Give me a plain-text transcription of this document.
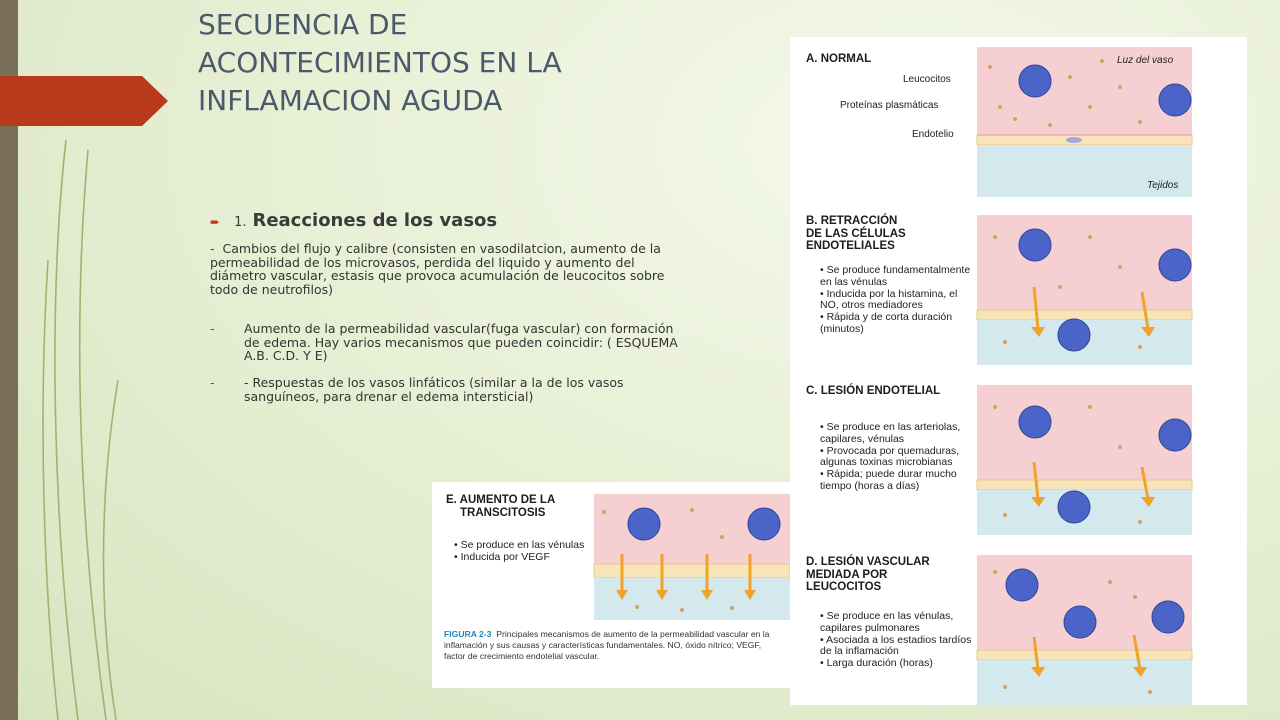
SECUENCIA DE ACONTECIMIENTOS EN LA INFLAMACION AGUDA
➨ 1. Reacciones de los vasos
- Cambios del flujo y calibre (consisten en vasodilatcion, aumento de la permeabilidad de los microvasos, perdida del liquido y aumento del diámetro vascular, estasis que provoca acumulación de leucocitos sobre todo de neutrofilos)
-	Aumento de la permeabilidad vascular(fuga vascular) con formación de edema. Hay varios mecanismos que pueden coincidir: ( ESQUEMA A.B. C.D. Y E)
-	- Respuestas de los vasos linfáticos (similar a la de los vasos sanguíneos, para drenar el edema intersticial)
A. NORMAL
Leucocitos
Proteínas plasmáticas
Endotelio
Luz del vaso
Tejidos
B. RETRACCIÓN
DE LAS CÉLULAS
ENDOTELIALES
• Se produce fundamentalmente en las vénulas
• Inducida por la histamina, el NO, otros mediadores
• Rápida y de corta duración (minutos)
C. LESIÓN ENDOTELIAL
• Se produce en las arteriolas, capilares, vénulas
• Provocada por quemaduras, algunas toxinas microbianas
• Rápida; puede durar mucho tiempo (horas a días)
D. LESIÓN VASCULAR
MEDIADA POR
LEUCOCITOS
• Se produce en las vénulas, capilares pulmonares
• Asociada a los estadios tardíos de la inflamación
• Larga duración (horas)
E. AUMENTO DE LA
TRANSCITOSIS
• Se produce en las vénulas
• Inducida por VEGF
FIGURA 2-3 Principales mecanismos de aumento de la permeabilidad vascular en la inflamación y sus causas y características fundamentales. NO, óxido nítrico; VEGF, factor de crecimiento endotelial vascular.
